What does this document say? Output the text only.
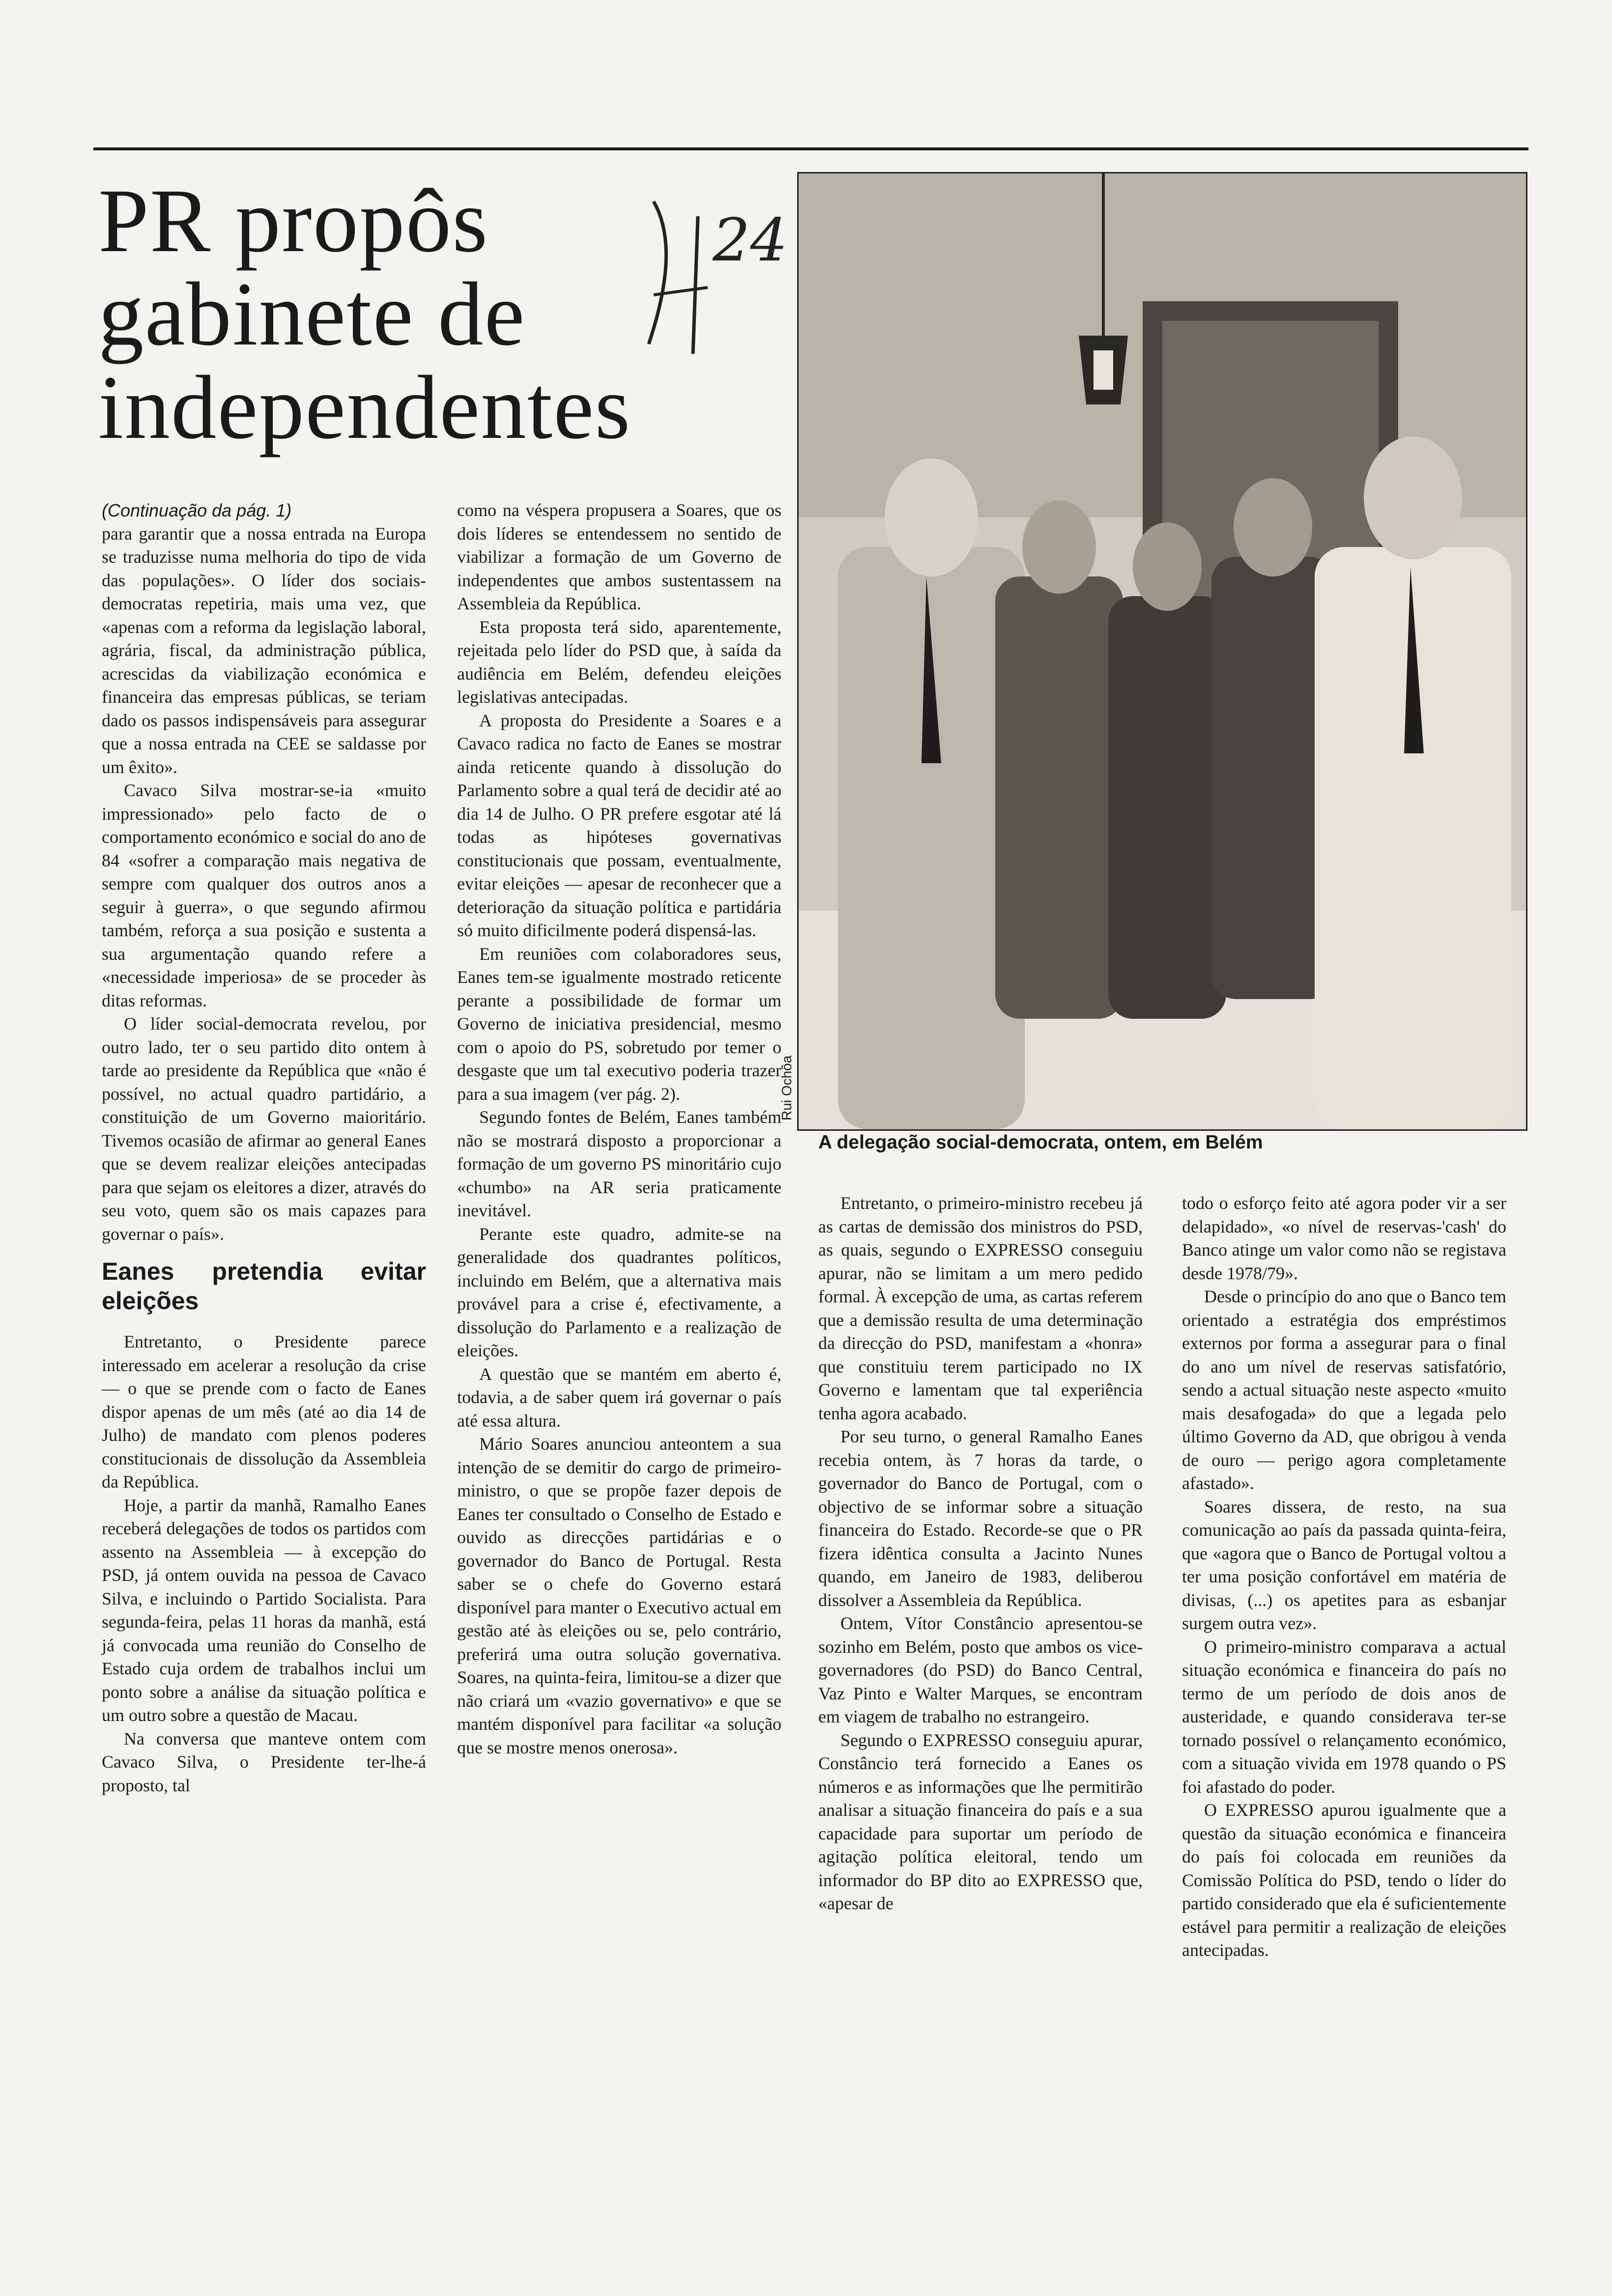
PR propôs
gabinete de
independentes
24
Rui Ochôa
A delegação social-democrata, ontem, em Belém

(Continuação da pág. 1)

para garantir que a nossa entrada na Europa se traduzisse numa melhoria do tipo de vida das populações». O líder dos sociais-democratas repetiria, mais uma vez, que «apenas com a reforma da legislação laboral, agrária, fiscal, da administração pública, acrescidas da viabilização económica e financeira das empresas públicas, se teriam dado os passos indispensáveis para assegurar que a nossa entrada na CEE se saldasse por um êxito».

Cavaco Silva mostrar-se-ia «muito impressionado» pelo facto de o comportamento económico e social do ano de 84 «sofrer a comparação mais negativa de sempre com qualquer dos outros anos a seguir à guerra», o que segundo afirmou também, reforça a sua posição e sustenta a sua argumentação quando refere a «necessidade imperiosa» de se proceder às ditas reformas.

O líder social-democrata revelou, por outro lado, ter o seu partido dito ontem à tarde ao presidente da República que «não é possível, no actual quadro partidário, a constituição de um Governo maioritário. Tivemos ocasião de afirmar ao general Eanes que se devem realizar eleições antecipadas para que sejam os eleitores a dizer, através do seu voto, quem são os mais capazes para governar o país».

Eanes pretendia evitar eleições

Entretanto, o Presidente parece interessado em acelerar a resolução da crise — o que se prende com o facto de Eanes dispor apenas de um mês (até ao dia 14 de Julho) de mandato com plenos poderes constitucionais de dissolução da Assembleia da República.

Hoje, a partir da manhã, Ramalho Eanes receberá delegações de todos os partidos com assento na Assembleia — à excepção do PSD, já ontem ouvida na pessoa de Cavaco Silva, e incluindo o Partido Socialista. Para segunda-feira, pelas 11 horas da manhã, está já convocada uma reunião do Conselho de Estado cuja ordem de trabalhos inclui um ponto sobre a análise da situação política e um outro sobre a questão de Macau.

Na conversa que manteve ontem com Cavaco Silva, o Presidente ter-lhe-á proposto, tal

como na véspera propusera a Soares, que os dois líderes se entendessem no sentido de viabilizar a formação de um Governo de independentes que ambos sustentassem na Assembleia da República.

Esta proposta terá sido, aparentemente, rejeitada pelo líder do PSD que, à saída da audiência em Belém, defendeu eleições legislativas antecipadas.

A proposta do Presidente a Soares e a Cavaco radica no facto de Eanes se mostrar ainda reticente quando à dissolução do Parlamento sobre a qual terá de decidir até ao dia 14 de Julho. O PR prefere esgotar até lá todas as hipóteses governativas constitucionais que possam, eventualmente, evitar eleições — apesar de reconhecer que a deterioração da situação política e partidária só muito dificilmente poderá dispensá-las.

Em reuniões com colaboradores seus, Eanes tem-se igualmente mostrado reticente perante a possibilidade de formar um Governo de iniciativa presidencial, mesmo com o apoio do PS, sobretudo por temer o desgaste que um tal executivo poderia trazer para a sua imagem (ver pág. 2).

Segundo fontes de Belém, Eanes também não se mostrará disposto a proporcionar a formação de um governo PS minoritário cujo «chumbo» na AR seria praticamente inevitável.

Perante este quadro, admite-se na generalidade dos quadrantes políticos, incluindo em Belém, que a alternativa mais provável para a crise é, efectivamente, a dissolução do Parlamento e a realização de eleições.

A questão que se mantém em aberto é, todavia, a de saber quem irá governar o país até essa altura.

Mário Soares anunciou anteontem a sua intenção de se demitir do cargo de primeiro-ministro, o que se propõe fazer depois de Eanes ter consultado o Conselho de Estado e ouvido as direcções partidárias e o governador do Banco de Portugal. Resta saber se o chefe do Governo estará disponível para manter o Executivo actual em gestão até às eleições ou se, pelo contrário, preferirá uma outra solução governativa. Soares, na quinta-feira, limitou-se a dizer que não criará um «vazio governativo» e que se mantém disponível para facilitar «a solução que se mostre menos onerosa».

Entretanto, o primeiro-ministro recebeu já as cartas de demissão dos ministros do PSD, as quais, segundo o EXPRESSO conseguiu apurar, não se limitam a um mero pedido formal. À excepção de uma, as cartas referem que a demissão resulta de uma determinação da direcção do PSD, manifestam a «honra» que constituiu terem participado no IX Governo e lamentam que tal experiência tenha agora acabado.

Por seu turno, o general Ramalho Eanes recebia ontem, às 7 horas da tarde, o governador do Banco de Portugal, com o objectivo de se informar sobre a situação financeira do Estado. Recorde-se que o PR fizera idêntica consulta a Jacinto Nunes quando, em Janeiro de 1983, deliberou dissolver a Assembleia da República.

Ontem, Vítor Constâncio apresentou-se sozinho em Belém, posto que ambos os vice-governadores (do PSD) do Banco Central, Vaz Pinto e Walter Marques, se encontram em viagem de trabalho no estrangeiro.

Segundo o EXPRESSO conseguiu apurar, Constâncio terá fornecido a Eanes os números e as informações que lhe permitirão analisar a situação financeira do país e a sua capacidade para suportar um período de agitação política eleitoral, tendo um informador do BP dito ao EXPRESSO que, «apesar de

todo o esforço feito até agora poder vir a ser delapidado», «o nível de reservas-'cash' do Banco atinge um valor como não se registava desde 1978/79».

Desde o princípio do ano que o Banco tem orientado a estratégia dos empréstimos externos por forma a assegurar para o final do ano um nível de reservas satisfatório, sendo a actual situação neste aspecto «muito mais desafogada» do que a legada pelo último Governo da AD, que obrigou à venda de ouro — perigo agora completamente afastado».

Soares dissera, de resto, na sua comunicação ao país da passada quinta-feira, que «agora que o Banco de Portugal voltou a ter uma posição confortável em matéria de divisas, (...) os apetites para as esbanjar surgem outra vez».

O primeiro-ministro comparava a actual situação económica e financeira do país no termo de um período de dois anos de austeridade, e quando considerava ter-se tornado possível o relançamento económico, com a situação vivida em 1978 quando o PS foi afastado do poder.

O EXPRESSO apurou igualmente que a questão da situação económica e financeira do país foi colocada em reuniões da Comissão Política do PSD, tendo o líder do partido considerado que ela é suficientemente estável para permitir a realização de eleições antecipadas.
